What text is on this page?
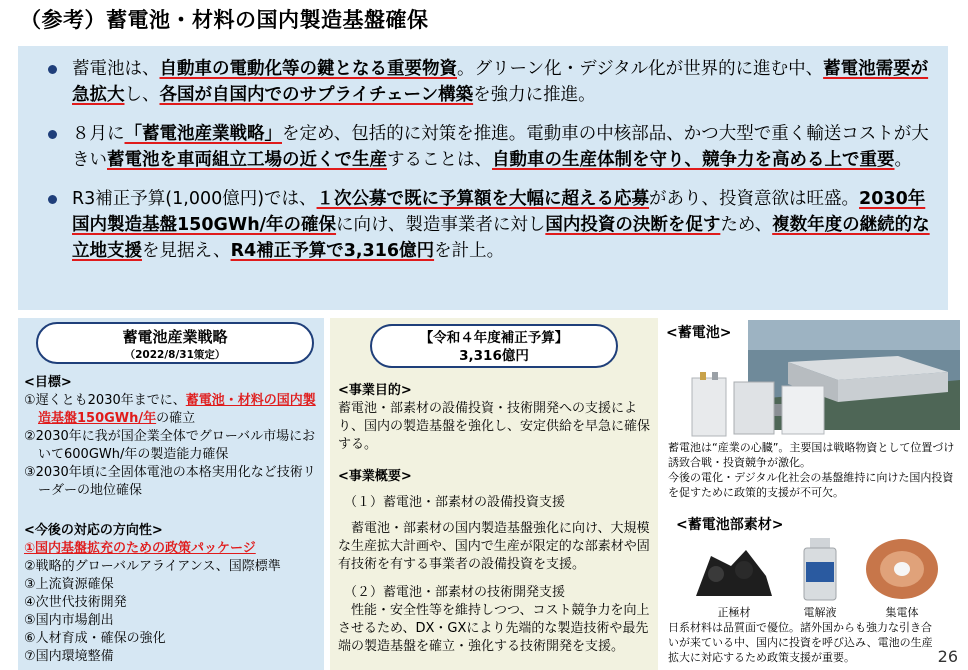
（参考）蓄電池・材料の国内製造基盤確保
蓄電池は、自動車の電動化等の鍵となる重要物資。グリーン化・デジタル化が世界的に進む中、蓄電池需要が急拡大し、各国が自国内でのサプライチェーン構築を強力に推進。
８月に「蓄電池産業戦略」を定め、包括的に対策を推進。電動車の中核部品、かつ大型で重く輸送コストが大きい蓄電池を車両組立工場の近くで生産することは、自動車の生産体制を守り、競争力を高める上で重要。
R3補正予算(1,000億円)では、１次公募で既に予算額を大幅に超える応募があり、投資意欲は旺盛。2030年国内製造基盤150GWh/年の確保に向け、製造事業者に対し国内投資の決断を促すため、複数年度の継続的な立地支援を見据え、R4補正予算で3,316億円を計上。
蓄電池産業戦略
（2022/8/31策定）
<目標>
①遅くとも2030年までに、蓄電池・材料の国内製造基盤150GWh/年の確立
②2030年に我が国企業全体でグローバル市場において600GWh/年の製造能力確保
③2030年頃に全固体電池の本格実用化など技術リーダーの地位確保
<今後の対応の方向性>
①国内基盤拡充のための政策パッケージ
②戦略的グローバルアライアンス、国際標準
③上流資源確保
④次世代技術開発
⑤国内市場創出
⑥人材育成・確保の強化
⑦国内環境整備
【令和４年度補正予算】
3,316億円
<事業目的>
蓄電池・部素材の設備投資・技術開発への支援により、国内の製造基盤を強化し、安定供給を早急に確保する。
<事業概要>
（１）蓄電池・部素材の設備投資支援
蓄電池・部素材の国内製造基盤強化に向け、大規模な生産拡大計画や、国内で生産が限定的な部素材や固有技術を有する事業者の設備投資を支援。
（２）蓄電池・部素材の技術開発支援
性能・安全性等を維持しつつ、コスト競争力を向上させるため、DX・GXにより先端的な製造技術や最先端の製造基盤を確立・強化する技術開発を支援。
<蓄電池>
蓄電池は“産業の心臓”。主要国は戦略物資として位置づけ誘致合戦・投資競争が激化。
今後の電化・デジタル化社会の基盤維持に向けた国内投資を促すために政策的支援が不可欠。
<蓄電池部素材>
正極材	電解液	集電体
日系材料は品質面で優位。諸外国からも強力な引き合いが来ている中、国内に投資を呼び込み、電池の生産拡大に対応するため政策支援が重要。	26
